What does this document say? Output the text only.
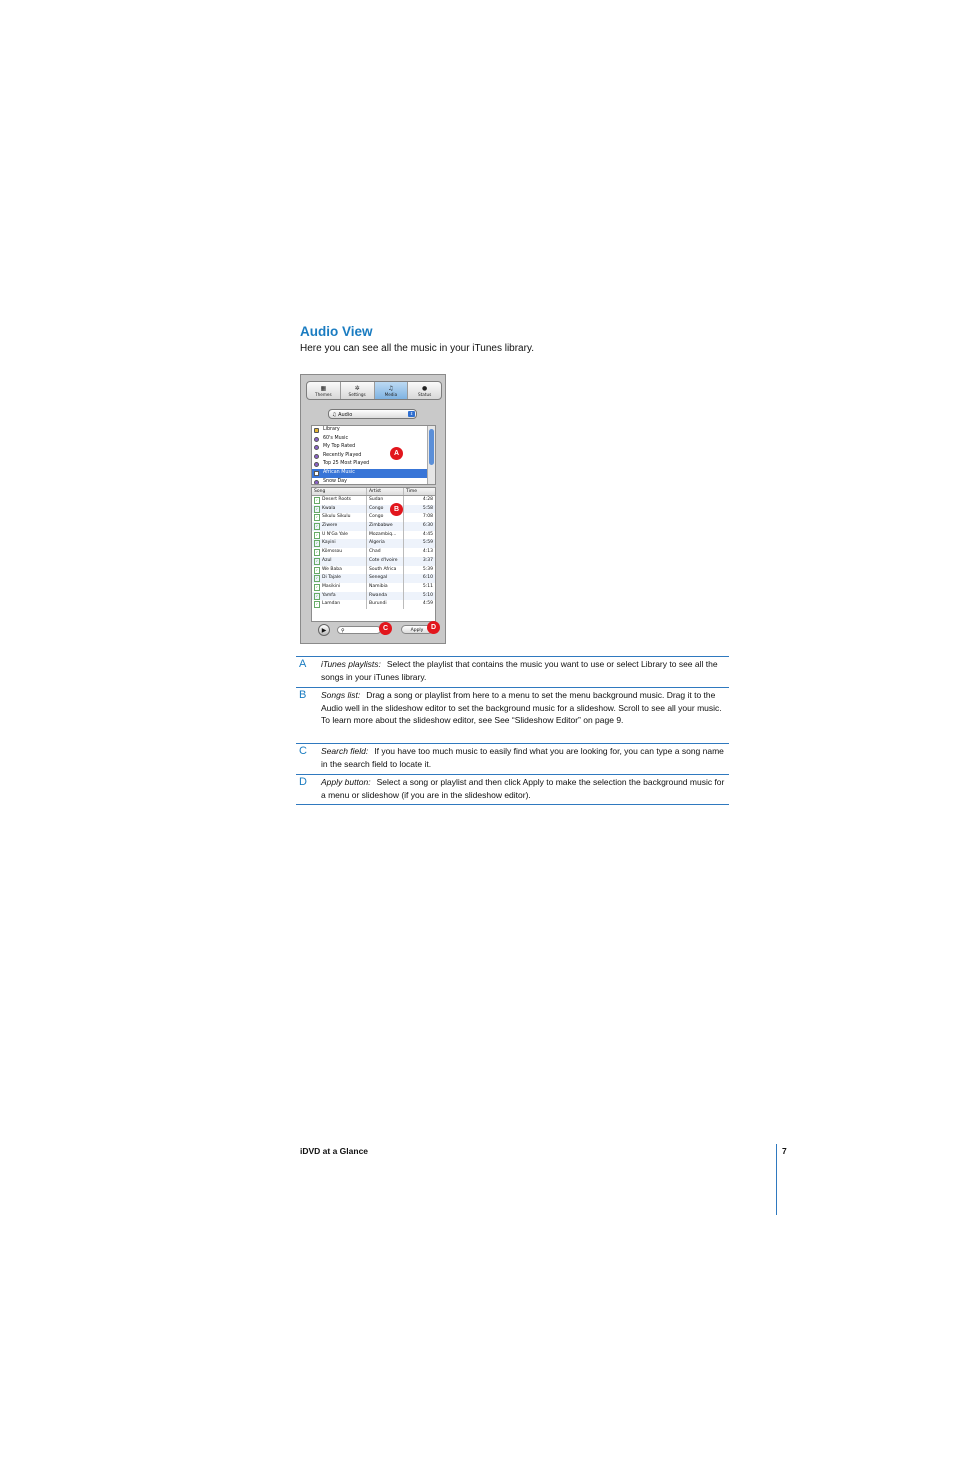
Audio View
Here you can see all the music in your iTunes library.
▦
Themes
✲
Settings
♫
Media
●
Status
♫ Audio	⇕
Library
60's Music
My Top Rated
Recently Played
Top 25 Most Played
African Music
Snow Day
Song	Artist	Time
♪ Desert Roots	Sudan	4:28
♪ Kwala	Congo	5:58
♪ Sikulu Sikulu	Congo	7:08
♪ Ziwere	Zimbabwe	6:30
♪ U N'Ga Yale	Mozambiq...	4:45
♪ Kayini	Algeria	5:59
♪ Kömssou	Chad	4:13
♪ Azul	Cote d'Ivoire	3:37
♪ We Baba	South Africa	5:39
♪ Di Tajale	Senegal	6:10
♪ Masikini	Namibia	5:11
♪ Yamfa	Rwanda	5:10
♪ Lamdan	Burundi	4:59
▶	⚲	Apply
A
B
C	D
A iTunes playlists: Select the playlist that contains the music you want to use or select Library to see all the songs in your iTunes library.
B Songs list: Drag a song or playlist from here to a menu to set the menu background music. Drag it to the Audio well in the slideshow editor to set the background music for a slideshow. Scroll to see all your music. To learn more about the slideshow editor, see See “Slideshow Editor” on page 9.
C Search field: If you have too much music to easily find what you are looking for, you can type a song name in the search field to locate it.
D Apply button: Select a song or playlist and then click Apply to make the selection the background music for a menu or slideshow (if you are in the slideshow editor).
iDVD at a Glance	7
